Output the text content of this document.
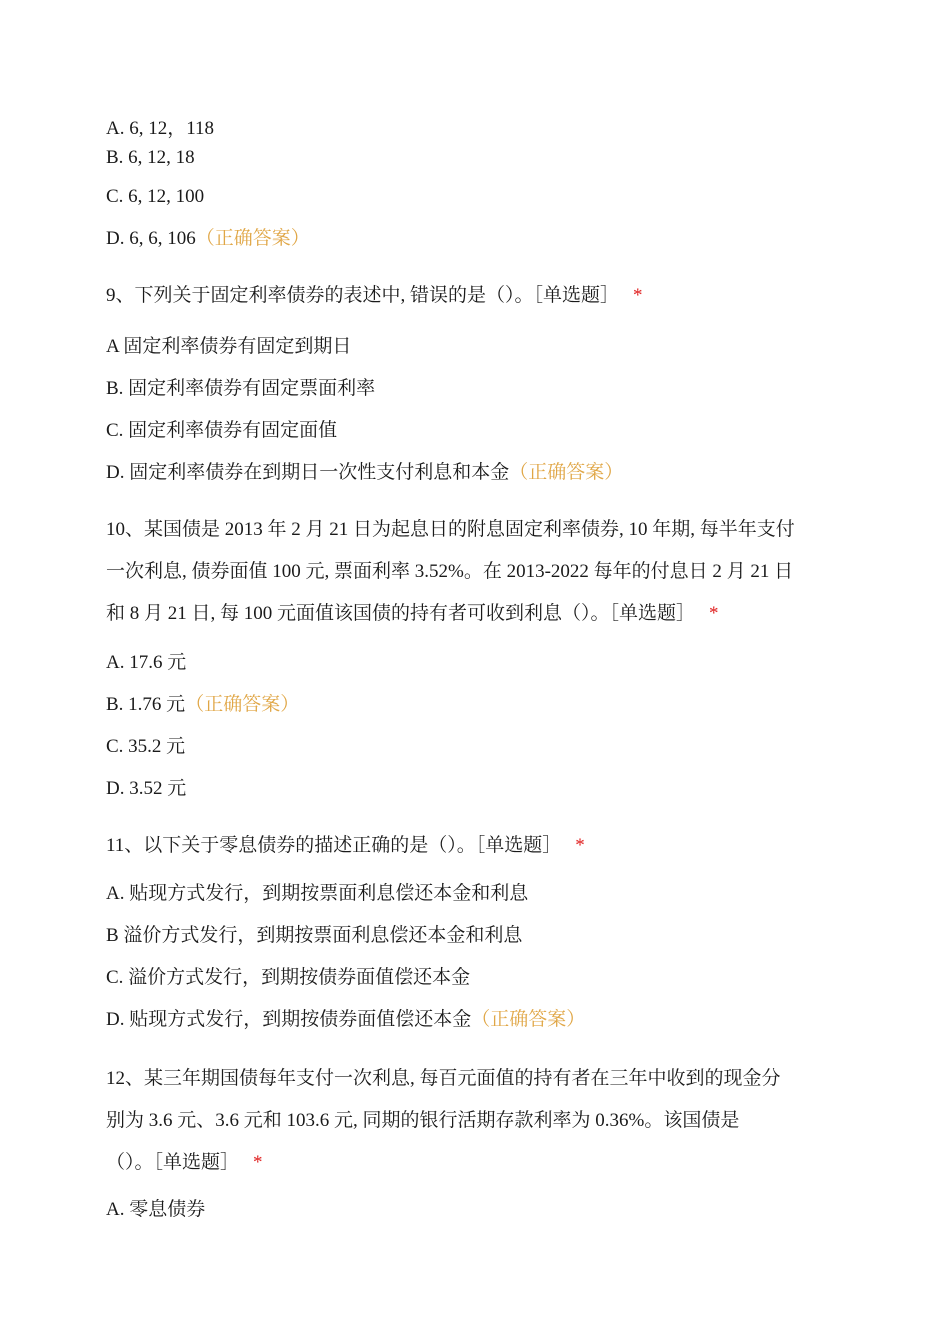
A. 6, 12，118
B. 6, 12, 18
C. 6, 12, 100
D. 6, 6, 106（正确答案）
9、下列关于固定利率债券的表述中, 错误的是（）。［单选题］ *
A 固定利率债券有固定到期日
B. 固定利率债券有固定票面利率
C. 固定利率债券有固定面值
D. 固定利率债券在到期日一次性支付利息和本金（正确答案）
10、某国债是 2013 年 2 月 21 日为起息日的附息固定利率债券, 10 年期, 每半年支付
一次利息, 债券面值 100 元, 票面利率 3.52%。在 2013-2022 每年的付息日 2 月 21 日
和 8 月 21 日, 每 100 元面值该国债的持有者可收到利息（）。［单选题］ *
A. 17.6 元
B. 1.76 元（正确答案）
C. 35.2 元
D. 3.52 元
11、以下关于零息债券的描述正确的是（）。［单选题］ *
A. 贴现方式发行，到期按票面利息偿还本金和利息
B 溢价方式发行，到期按票面利息偿还本金和利息
C. 溢价方式发行，到期按债券面值偿还本金
D. 贴现方式发行，到期按债券面值偿还本金（正确答案）
12、某三年期国债每年支付一次利息, 每百元面值的持有者在三年中收到的现金分
别为 3.6 元、3.6 元和 103.6 元, 同期的银行活期存款利率为 0.36%。该国债是
（）。［单选题］ *
A. 零息债券
